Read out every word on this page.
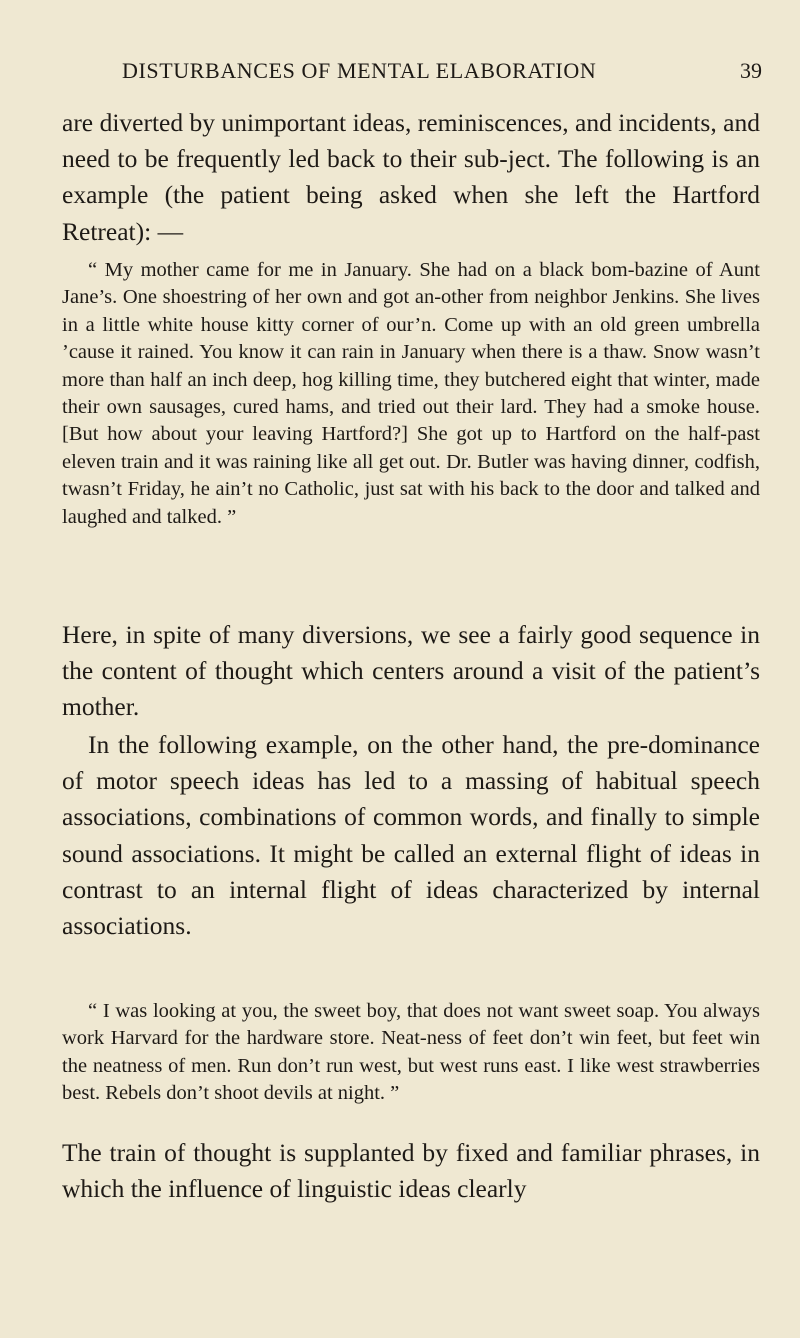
DISTURBANCES OF MENTAL ELABORATION	39

are diverted by unimportant ideas, reminiscences, and incidents, and need to be frequently led back to their sub-ject. The following is an example (the patient being asked when she left the Hartford Retreat): —

“ My mother came for me in January. She had on a black bom-bazine of Aunt Jane’s. One shoestring of her own and got an-other from neighbor Jenkins. She lives in a little white house kitty corner of our’n. Come up with an old green umbrella ’cause it rained. You know it can rain in January when there is a thaw. Snow wasn’t more than half an inch deep, hog killing time, they butchered eight that winter, made their own sausages, cured hams, and tried out their lard. They had a smoke house. [But how about your leaving Hartford?] She got up to Hartford on the half-past eleven train and it was raining like all get out. Dr. Butler was having dinner, codfish, twasn’t Friday, he ain’t no Catholic, just sat with his back to the door and talked and laughed and talked. ”

Here, in spite of many diversions, we see a fairly good sequence in the content of thought which centers around a visit of the patient’s mother.

In the following example, on the other hand, the pre-dominance of motor speech ideas has led to a massing of habitual speech associations, combinations of common words, and finally to simple sound associations. It might be called an external flight of ideas in contrast to an internal flight of ideas characterized by internal associations.

“ I was looking at you, the sweet boy, that does not want sweet soap. You always work Harvard for the hardware store. Neat-ness of feet don’t win feet, but feet win the neatness of men. Run don’t run west, but west runs east. I like west strawberries best. Rebels don’t shoot devils at night. ”

The train of thought is supplanted by fixed and familiar phrases, in which the influence of linguistic ideas clearly
